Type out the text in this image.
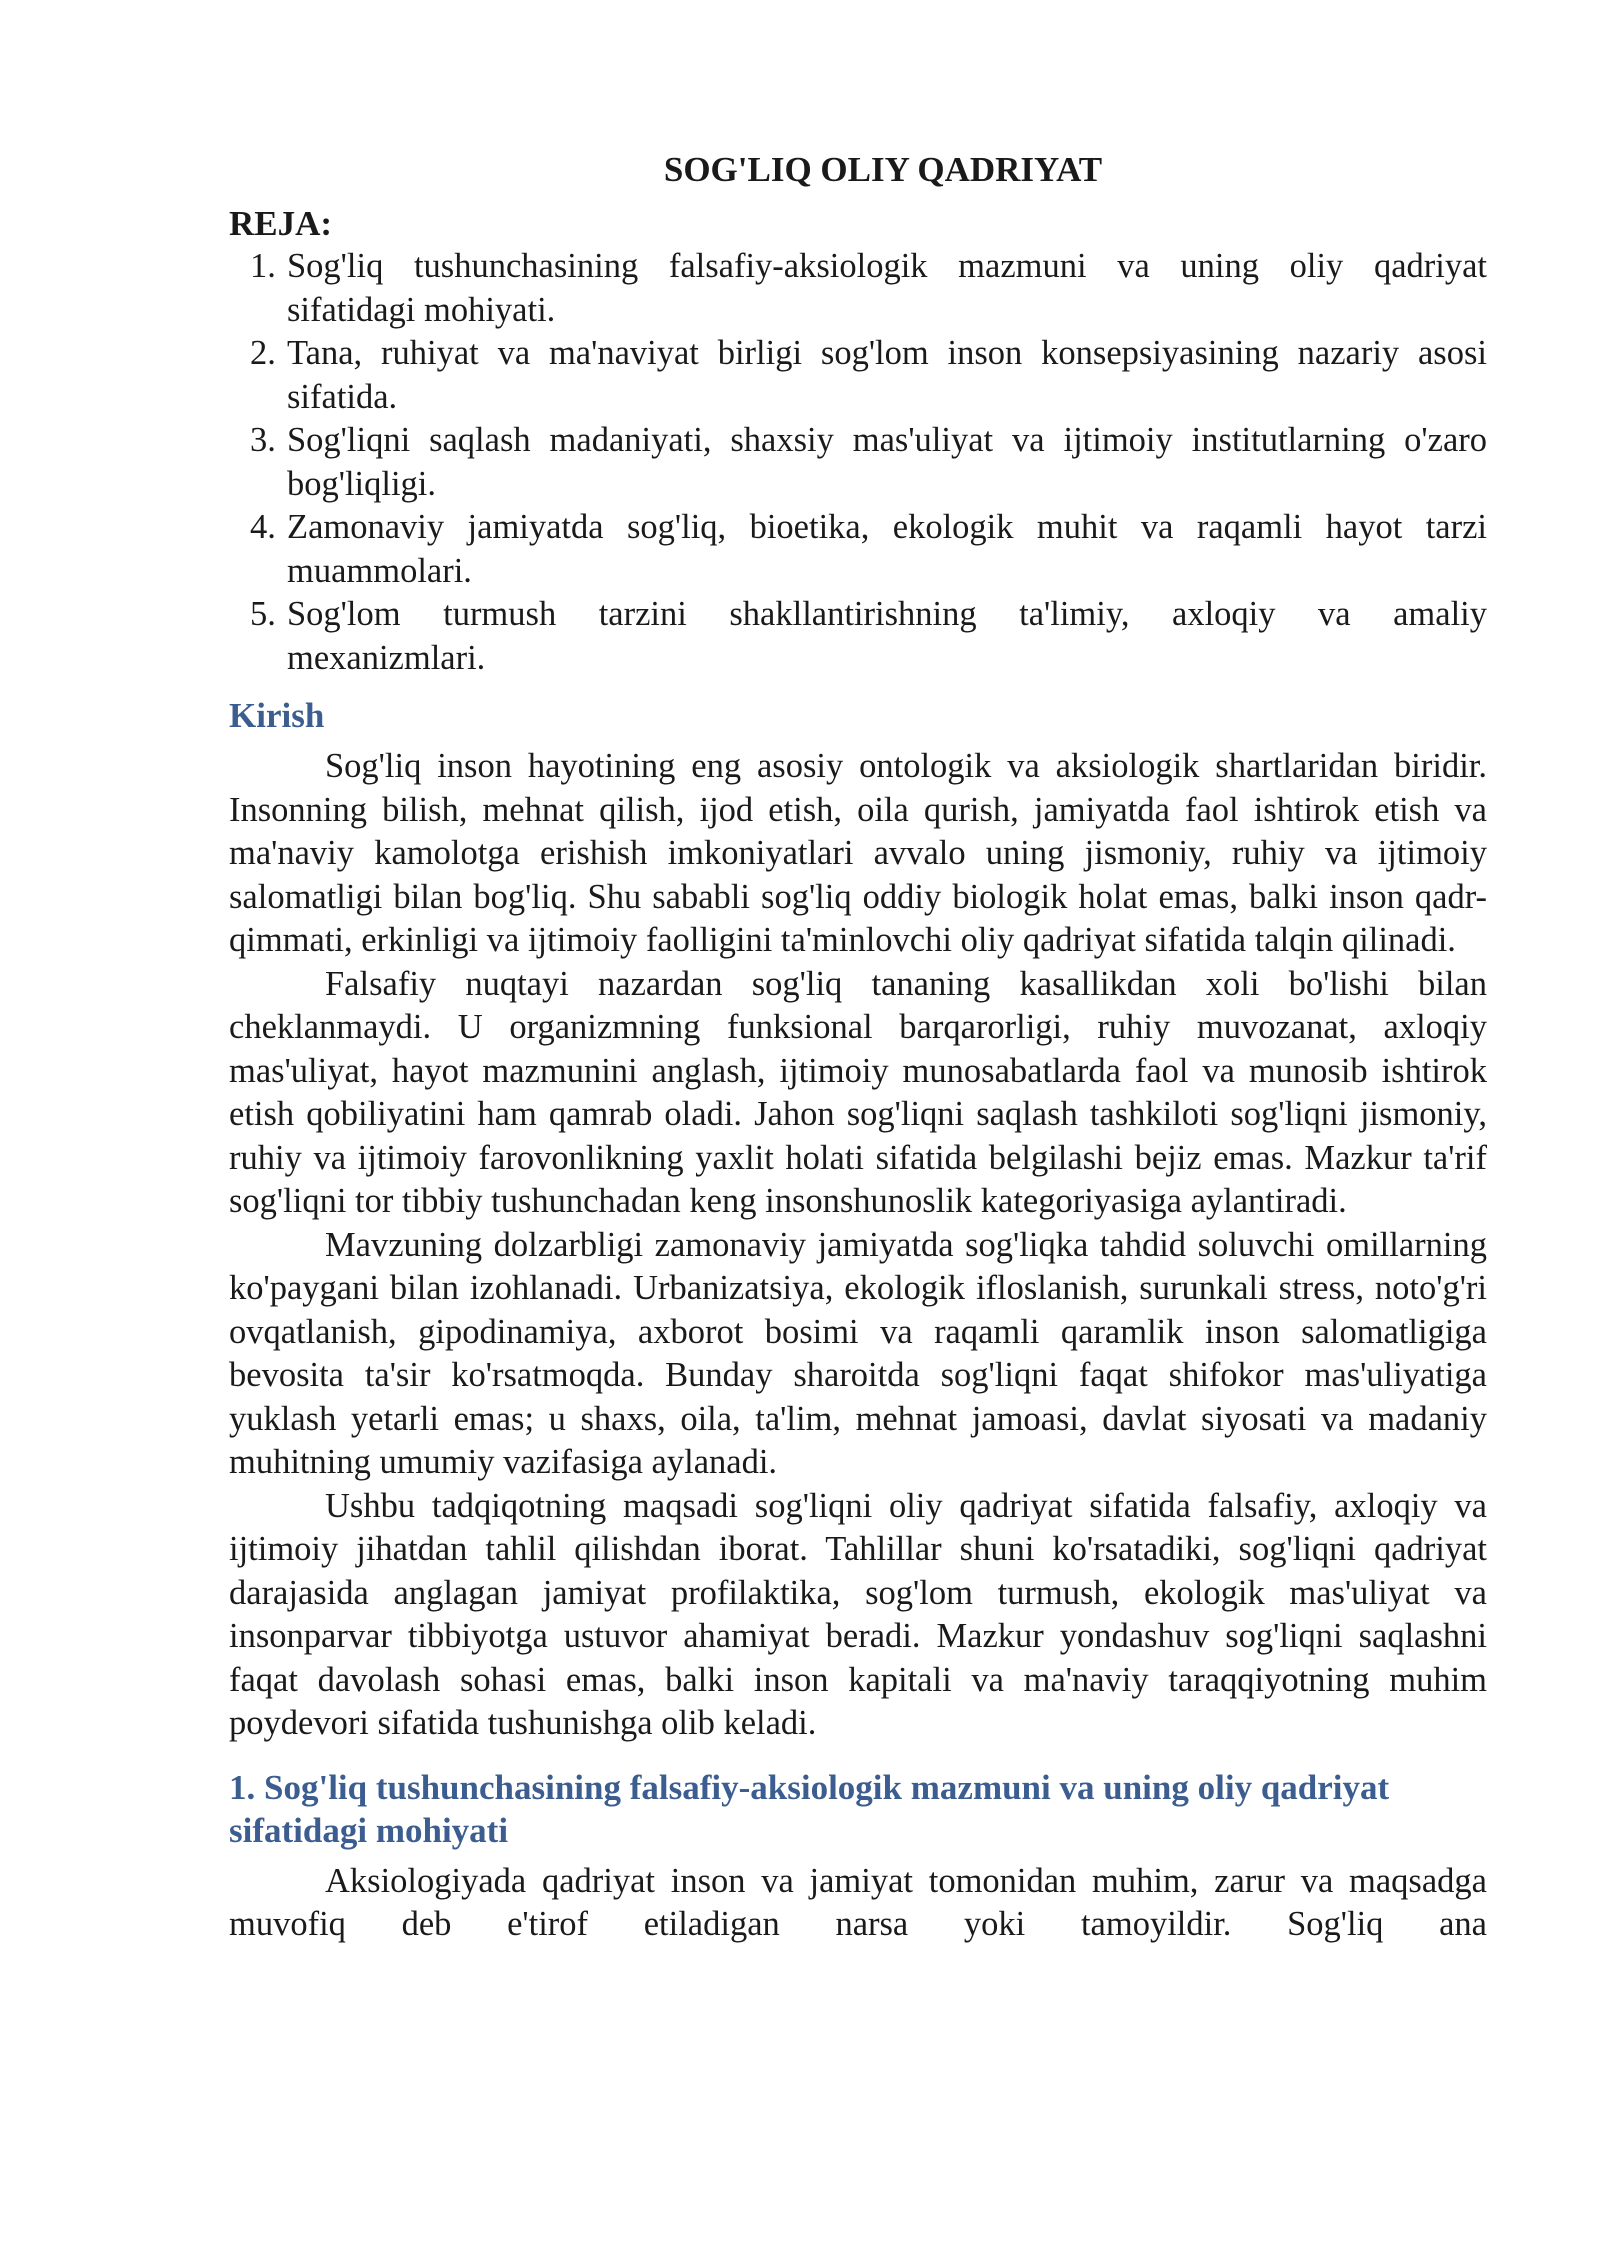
SOG'LIQ OLIY QADRIYAT
REJA:
1. Sog'liq tushunchasining falsafiy-aksiologik mazmuni va uning oliy qadriyat
sifatidagi mohiyati.
2. Tana, ruhiyat va ma'naviyat birligi sog'lom inson konsepsiyasining nazariy asosi
sifatida.
3. Sog'liqni saqlash madaniyati, shaxsiy mas'uliyat va ijtimoiy institutlarning o'zaro
bog'liqligi.
4. Zamonaviy jamiyatda sog'liq, bioetika, ekologik muhit va raqamli hayot tarzi
muammolari.
5. Sog'lom turmush tarzini shakllantirishning ta'limiy, axloqiy va amaliy
mexanizmlari.
Kirish

Sog'liq inson hayotining eng asosiy ontologik va aksiologik shartlaridan biridir. Insonning bilish, mehnat qilish, ijod etish, oila qurish, jamiyatda faol ishtirok etish va ma'naviy kamolotga erishish imkoniyatlari avvalo uning jismoniy, ruhiy va ijtimoiy salomatligi bilan bog'liq. Shu sababli sog'liq oddiy biologik holat emas, balki inson qadr-qimmati, erkinligi va ijtimoiy faolligini ta'minlovchi oliy qadriyat sifatida talqin qilinadi.

Falsafiy nuqtayi nazardan sog'liq tananing kasallikdan xoli bo'lishi bilan cheklanmaydi. U organizmning funksional barqarorligi, ruhiy muvozanat, axloqiy mas'uliyat, hayot mazmunini anglash, ijtimoiy munosabatlarda faol va munosib ishtirok etish qobiliyatini ham qamrab oladi. Jahon sog'liqni saqlash tashkiloti sog'liqni jismoniy, ruhiy va ijtimoiy farovonlikning yaxlit holati sifatida belgilashi bejiz emas. Mazkur ta'rif sog'liqni tor tibbiy tushunchadan keng insonshunoslik kategoriyasiga aylantiradi.

Mavzuning dolzarbligi zamonaviy jamiyatda sog'liqka tahdid soluvchi omillarning ko'paygani bilan izohlanadi. Urbanizatsiya, ekologik ifloslanish, surunkali stress, noto'g'ri ovqatlanish, gipodinamiya, axborot bosimi va raqamli qaramlik inson salomatligiga bevosita ta'sir ko'rsatmoqda. Bunday sharoitda sog'liqni faqat shifokor mas'uliyatiga yuklash yetarli emas; u shaxs, oila, ta'lim, mehnat jamoasi, davlat siyosati va madaniy muhitning umumiy vazifasiga aylanadi.

Ushbu tadqiqotning maqsadi sog'liqni oliy qadriyat sifatida falsafiy, axloqiy va ijtimoiy jihatdan tahlil qilishdan iborat. Tahlillar shuni ko'rsatadiki, sog'liqni qadriyat darajasida anglagan jamiyat profilaktika, sog'lom turmush, ekologik mas'uliyat va insonparvar tibbiyotga ustuvor ahamiyat beradi. Mazkur yondashuv sog'liqni saqlashni faqat davolash sohasi emas, balki inson kapitali va ma'naviy taraqqiyotning muhim poydevori sifatida tushunishga olib keladi.

1. Sog'liq tushunchasining falsafiy-aksiologik mazmuni va uning oliy qadriyat sifatidagi mohiyati

Aksiologiyada qadriyat inson va jamiyat tomonidan muhim, zarur va maqsadga muvofiq deb e'tirof etiladigan narsa yoki tamoyildir. Sog'liq ana
